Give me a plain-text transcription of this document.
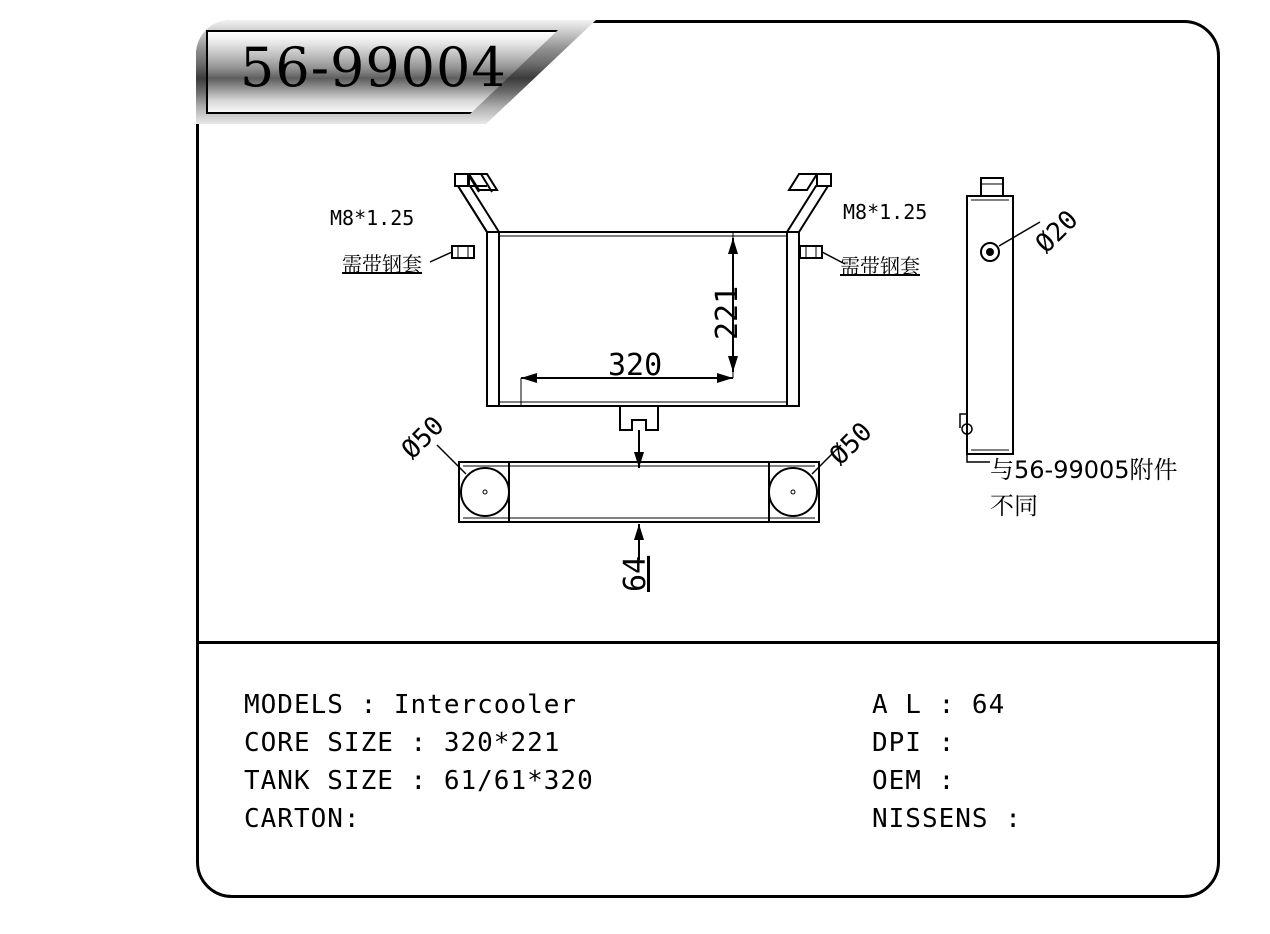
56-99004
M8*1.25
需带钢套
M8*1.25
需带钢套
320
221
64
Ø50	Ø50
Ø20
与56-99005附件
不同
MODELS : Intercooler
CORE SIZE : 320*221
TANK SIZE : 61/61*320
CARTON:
A L : 64
DPI :
OEM :
NISSENS :
